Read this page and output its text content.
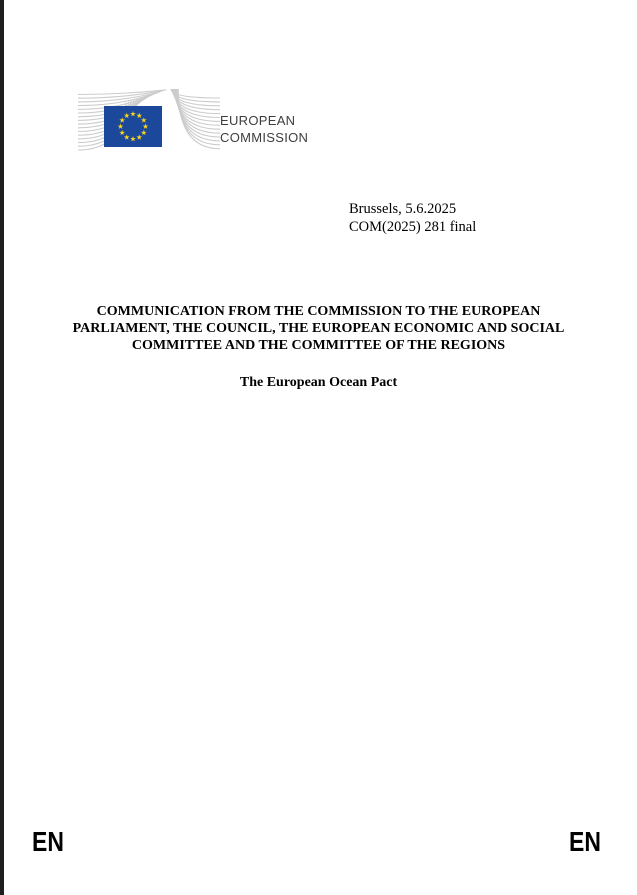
EUROPEAN
COMMISSION
Brussels, 5.6.2025
COM(2025) 281 final
COMMUNICATION FROM THE COMMISSION TO THE EUROPEAN
PARLIAMENT, THE COUNCIL, THE EUROPEAN ECONOMIC AND SOCIAL
COMMITTEE AND THE COMMITTEE OF THE REGIONS
The European Ocean Pact
EN	EN
